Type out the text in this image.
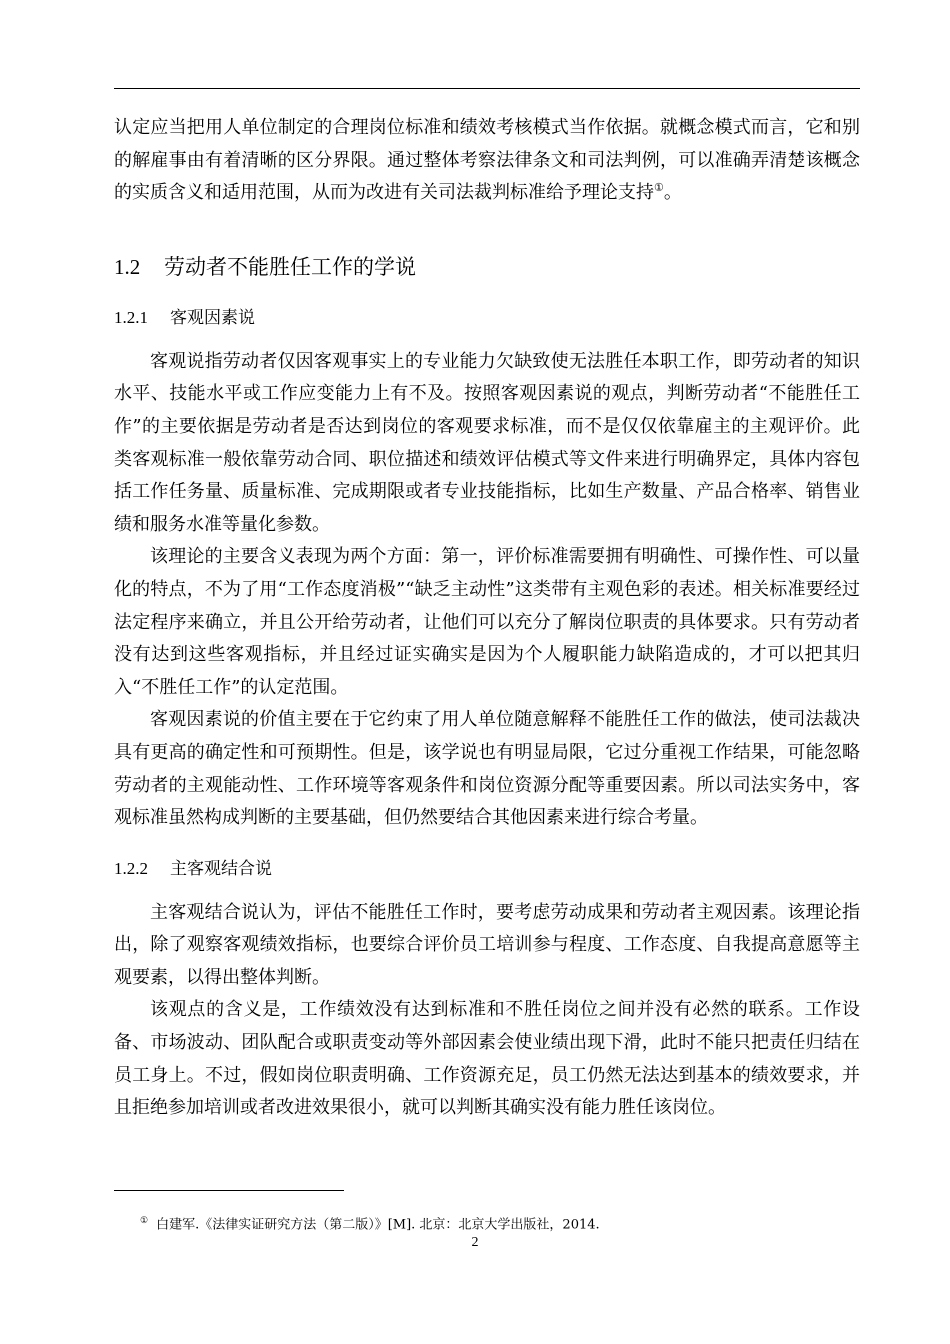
认定应当把用人单位制定的合理岗位标准和绩效考核模式当作依据。就概念模式而言，它和别的解雇事由有着清晰的区分界限。通过整体考察法律条文和司法判例，可以准确弄清楚该概念的实质含义和适用范围，从而为改进有关司法裁判标准给予理论支持①。

1.2 劳动者不能胜任工作的学说
1.2.1 客观因素说

客观说指劳动者仅因客观事实上的专业能力欠缺致使无法胜任本职工作，即劳动者的知识水平、技能水平或工作应变能力上有不及。按照客观因素说的观点，判断劳动者“不能胜任工作”的主要依据是劳动者是否达到岗位的客观要求标准，而不是仅仅依靠雇主的主观评价。此类客观标准一般依靠劳动合同、职位描述和绩效评估模式等文件来进行明确界定，具体内容包括工作任务量、质量标准、完成期限或者专业技能指标，比如生产数量、产品合格率、销售业绩和服务水准等量化参数。

该理论的主要含义表现为两个方面：第一，评价标准需要拥有明确性、可操作性、可以量化的特点，不为了用“工作态度消极”“缺乏主动性”这类带有主观色彩的表述。相关标准要经过法定程序来确立，并且公开给劳动者，让他们可以充分了解岗位职责的具体要求。只有劳动者没有达到这些客观指标，并且经过证实确实是因为个人履职能力缺陷造成的，才可以把其归入“不胜任工作”的认定范围。

客观因素说的价值主要在于它约束了用人单位随意解释不能胜任工作的做法，使司法裁决具有更高的确定性和可预期性。但是，该学说也有明显局限，它过分重视工作结果，可能忽略劳动者的主观能动性、工作环境等客观条件和岗位资源分配等重要因素。所以司法实务中，客观标准虽然构成判断的主要基础，但仍然要结合其他因素来进行综合考量。

1.2.2 主客观结合说

主客观结合说认为，评估不能胜任工作时，要考虑劳动成果和劳动者主观因素。该理论指出，除了观察客观绩效指标，也要综合评价员工培训参与程度、工作态度、自我提高意愿等主观要素，以得出整体判断。

该观点的含义是，工作绩效没有达到标准和不胜任岗位之间并没有必然的联系。工作设备、市场波动、团队配合或职责变动等外部因素会使业绩出现下滑，此时不能只把责任归结在员工身上。不过，假如岗位职责明确、工作资源充足，员工仍然无法达到基本的绩效要求，并且拒绝参加培训或者改进效果很小，就可以判断其确实没有能力胜任该岗位。

① 白建军.《法律实证研究方法（第二版）》[M]. 北京：北京大学出版社，2014.
2
